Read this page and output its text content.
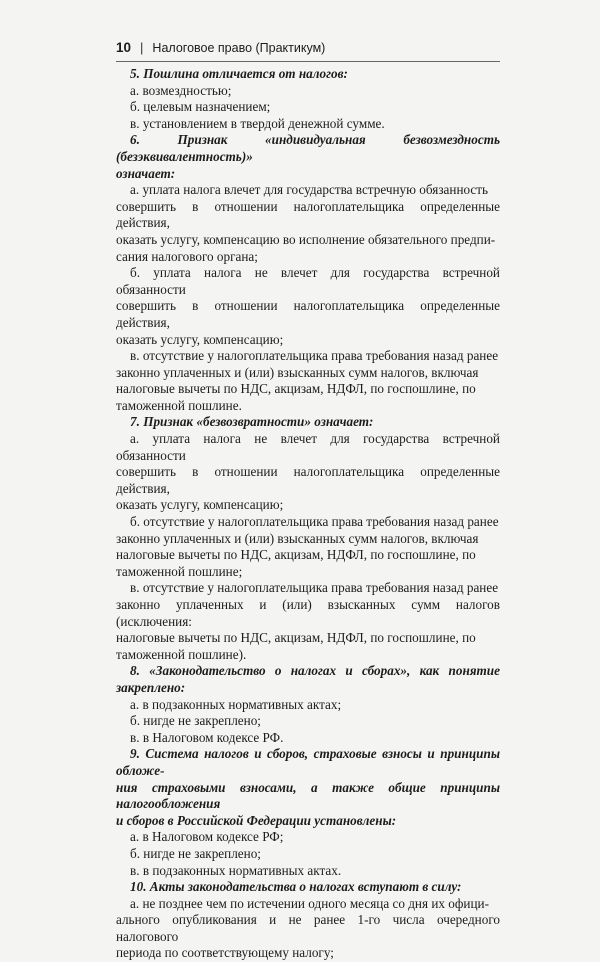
10 | Налоговое право (Практикум)
5. Пошлина отличается от налогов:
а. возмездностью;
б. целевым назначением;
в. установлением в твердой денежной сумме.
6. Признак «индивидуальная безвозмездность (безэквивалентность)»
означает:
а. уплата налога влечет для государства встречную обязанность
совершить в отношении налогоплательщика определенные действия,
оказать услугу, компенсацию во исполнение обязательного предпи-
сания налогового органа;
б. уплата налога не влечет для государства встречной обязанности
совершить в отношении налогоплательщика определенные действия,
оказать услугу, компенсацию;
в. отсутствие у налогоплательщика права требования назад ранее
законно уплаченных и (или) взысканных сумм налогов, включая
налоговые вычеты по НДС, акцизам, НДФЛ, по госпошлине, по
таможенной пошлине.
7. Признак «безвозвратности» означает:
а. уплата налога не влечет для государства встречной обязанности
совершить в отношении налогоплательщика определенные действия,
оказать услугу, компенсацию;
б. отсутствие у налогоплательщика права требования назад ранее
законно уплаченных и (или) взысканных сумм налогов, включая
налоговые вычеты по НДС, акцизам, НДФЛ, по госпошлине, по
таможенной пошлине;
в. отсутствие у налогоплательщика права требования назад ранее
законно уплаченных и (или) взысканных сумм налогов (исключения:
налоговые вычеты по НДС, акцизам, НДФЛ, по госпошлине, по
таможенной пошлине).
8. «Законодательство о налогах и сборах», как понятие закреплено:
а. в подзаконных нормативных актах;
б. нигде не закреплено;
в. в Налоговом кодексе РФ.
9. Система налогов и сборов, страховые взносы и принципы обложе-
ния страховыми взносами, а также общие принципы налогообложения
и сборов в Российской Федерации установлены:
а. в Налоговом кодексе РФ;
б. нигде не закреплено;
в. в подзаконных нормативных актах.
10. Акты законодательства о налогах вступают в силу:
а. не позднее чем по истечении одного месяца со дня их офици-
ального опубликования и не ранее 1-го числа очередного налогового
периода по соответствующему налогу;
